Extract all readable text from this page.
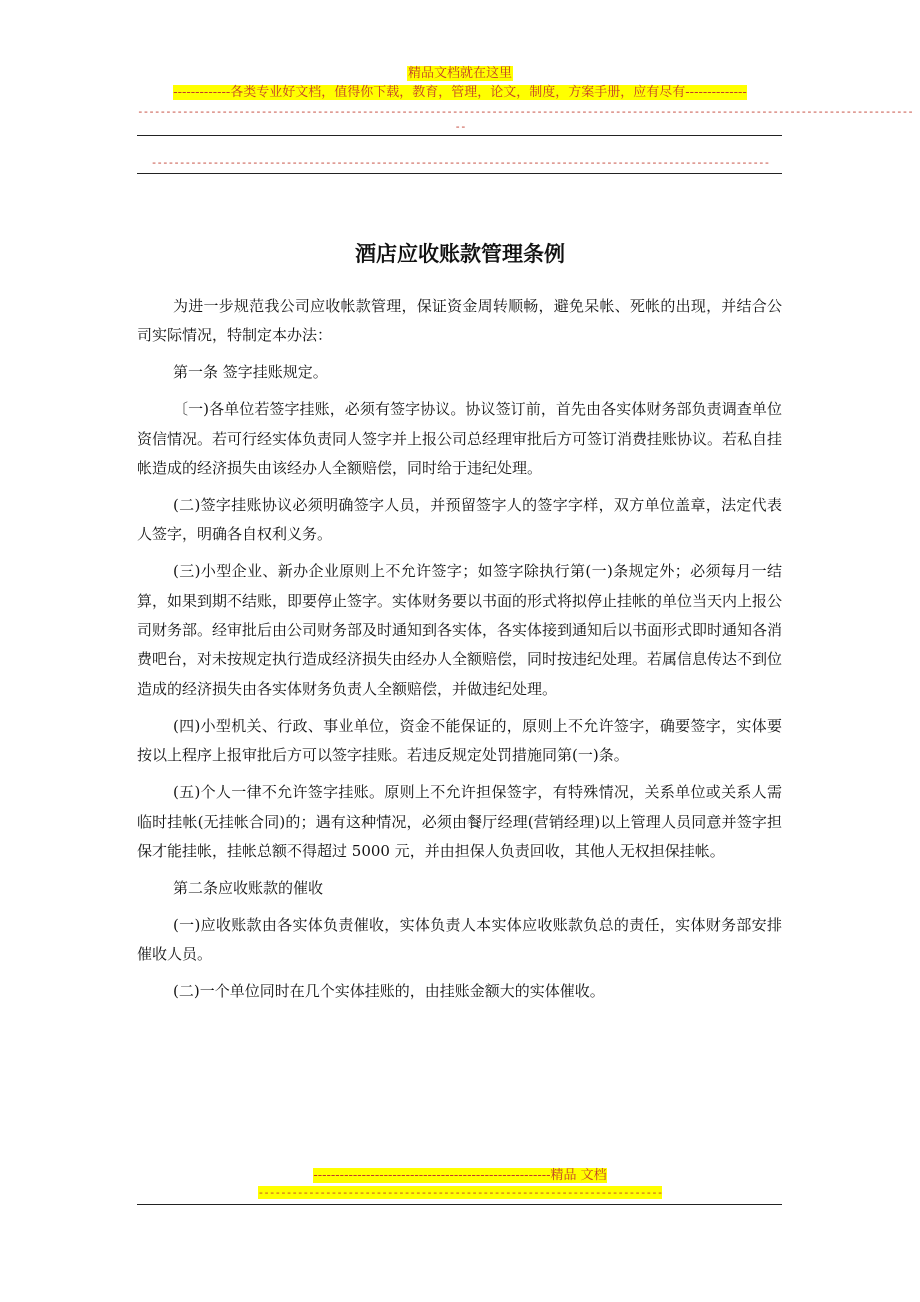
精品文档就在这里
-------------各类专业好文档，值得你下载，教育，管理，论文，制度，方案手册，应有尽有--------------
------------------------------------------------------------------------------------------------------------------------------------------
--
--------------------------------------------------------------------------------------------------------------
酒店应收账款管理条例

为进一步规范我公司应收帐款管理，保证资金周转顺畅，避免呆帐、死帐的出现，并结合公司实际情况，特制定本办法：

第一条 签字挂账规定。

〔一)各单位若签字挂账，必须有签字协议。协议签订前，首先由各实体财务部负责调查单位资信情况。若可行经实体负责同人签字并上报公司总经理审批后方可签订消费挂账协议。若私自挂帐造成的经济损失由该经办人全额赔偿，同时给于违纪处理。

(二)签字挂账协议必须明确签字人员，并预留签字人的签字字样，双方单位盖章，法定代表人签字，明确各自权利义务。

(三)小型企业、新办企业原则上不允许签字；如签字除执行第(一)条规定外；必须每月一结算，如果到期不结账，即要停止签字。实体财务要以书面的形式将拟停止挂帐的单位当天内上报公司财务部。经审批后由公司财务部及时通知到各实体，各实体接到通知后以书面形式即时通知各消费吧台，对未按规定执行造成经济损失由经办人全额赔偿，同时按违纪处理。若属信息传达不到位造成的经济损失由各实体财务负责人全额赔偿，并做违纪处理。

(四)小型机关、行政、事业单位，资金不能保证的，原则上不允许签字，确要签字，实体要按以上程序上报审批后方可以签字挂账。若违反规定处罚措施同第(一)条。

(五)个人一律不允许签字挂账。原则上不允许担保签字，有特殊情况，关系单位或关系人需临时挂帐(无挂帐合同)的；遇有这种情况，必须由餐厅经理(营销经理)以上管理人员同意并签字担保才能挂帐，挂帐总额不得超过 5000 元，并由担保人负责回收，其他人无权担保挂帐。

第二条应收账款的催收

(一)应收账款由各实体负责催收，实体负责人本实体应收账款负总的责任，实体财务部安排催收人员。

(二)一个单位同时在几个实体挂账的，由挂账金额大的实体催收。

------------------------------------------------------精品 文档
------------------------------------------------------------------------
